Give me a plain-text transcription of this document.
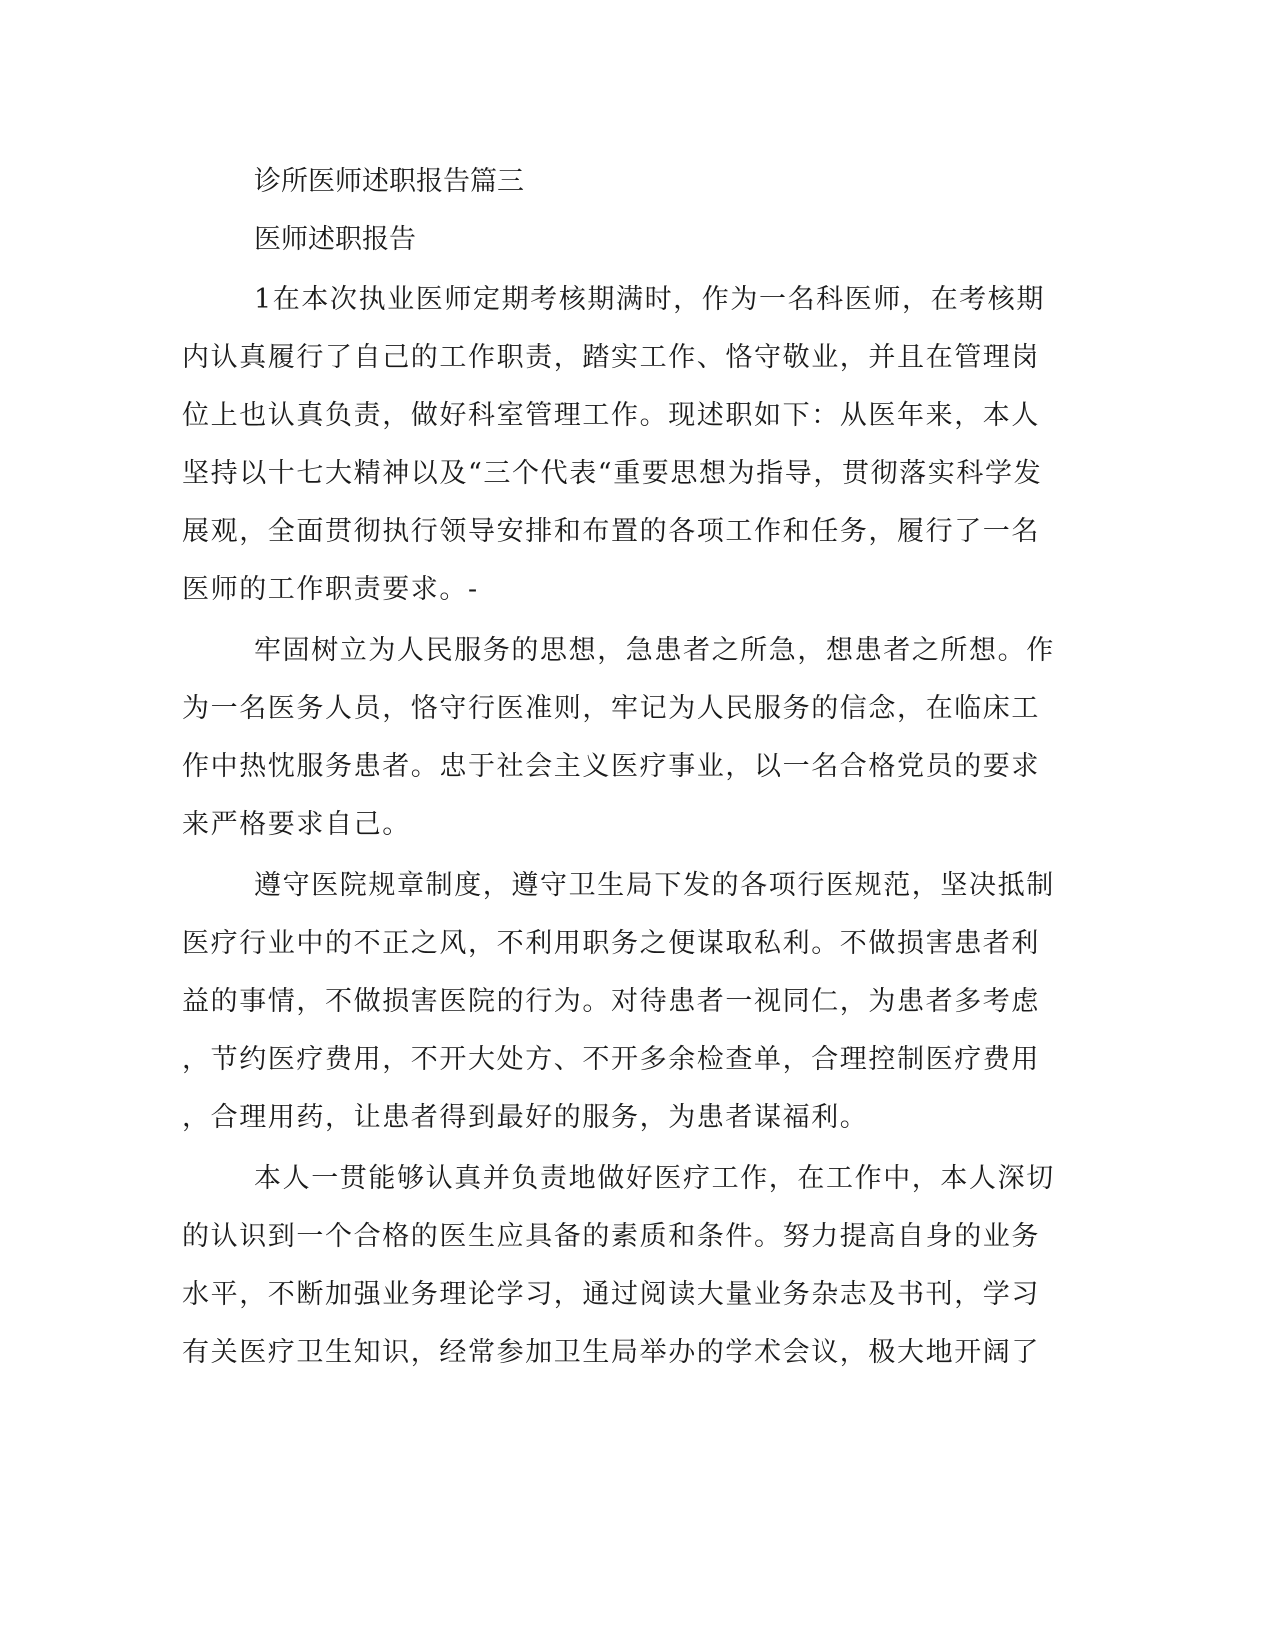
诊所医师述职报告篇三
医师述职报告
1在本次执业医师定期考核期满时，作为一名科医师，在考核期
内认真履行了自己的工作职责，踏实工作、恪守敬业，并且在管理岗
位上也认真负责，做好科室管理工作。现述职如下：从医年来，本人
坚持以十七大精神以及“三个代表“重要思想为指导，贯彻落实科学发
展观，全面贯彻执行领导安排和布置的各项工作和任务，履行了一名
医师的工作职责要求。-
牢固树立为人民服务的思想，急患者之所急，想患者之所想。作
为一名医务人员，恪守行医准则，牢记为人民服务的信念，在临床工
作中热忱服务患者。忠于社会主义医疗事业，以一名合格党员的要求
来严格要求自己。
遵守医院规章制度，遵守卫生局下发的各项行医规范，坚决抵制
医疗行业中的不正之风，不利用职务之便谋取私利。不做损害患者利
益的事情，不做损害医院的行为。对待患者一视同仁，为患者多考虑
，节约医疗费用，不开大处方、不开多余检查单，合理控制医疗费用
，合理用药，让患者得到最好的服务，为患者谋福利。
本人一贯能够认真并负责地做好医疗工作，在工作中，本人深切
的认识到一个合格的医生应具备的素质和条件。努力提高自身的业务
水平，不断加强业务理论学习，通过阅读大量业务杂志及书刊，学习
有关医疗卫生知识，经常参加卫生局举办的学术会议，极大地开阔了
